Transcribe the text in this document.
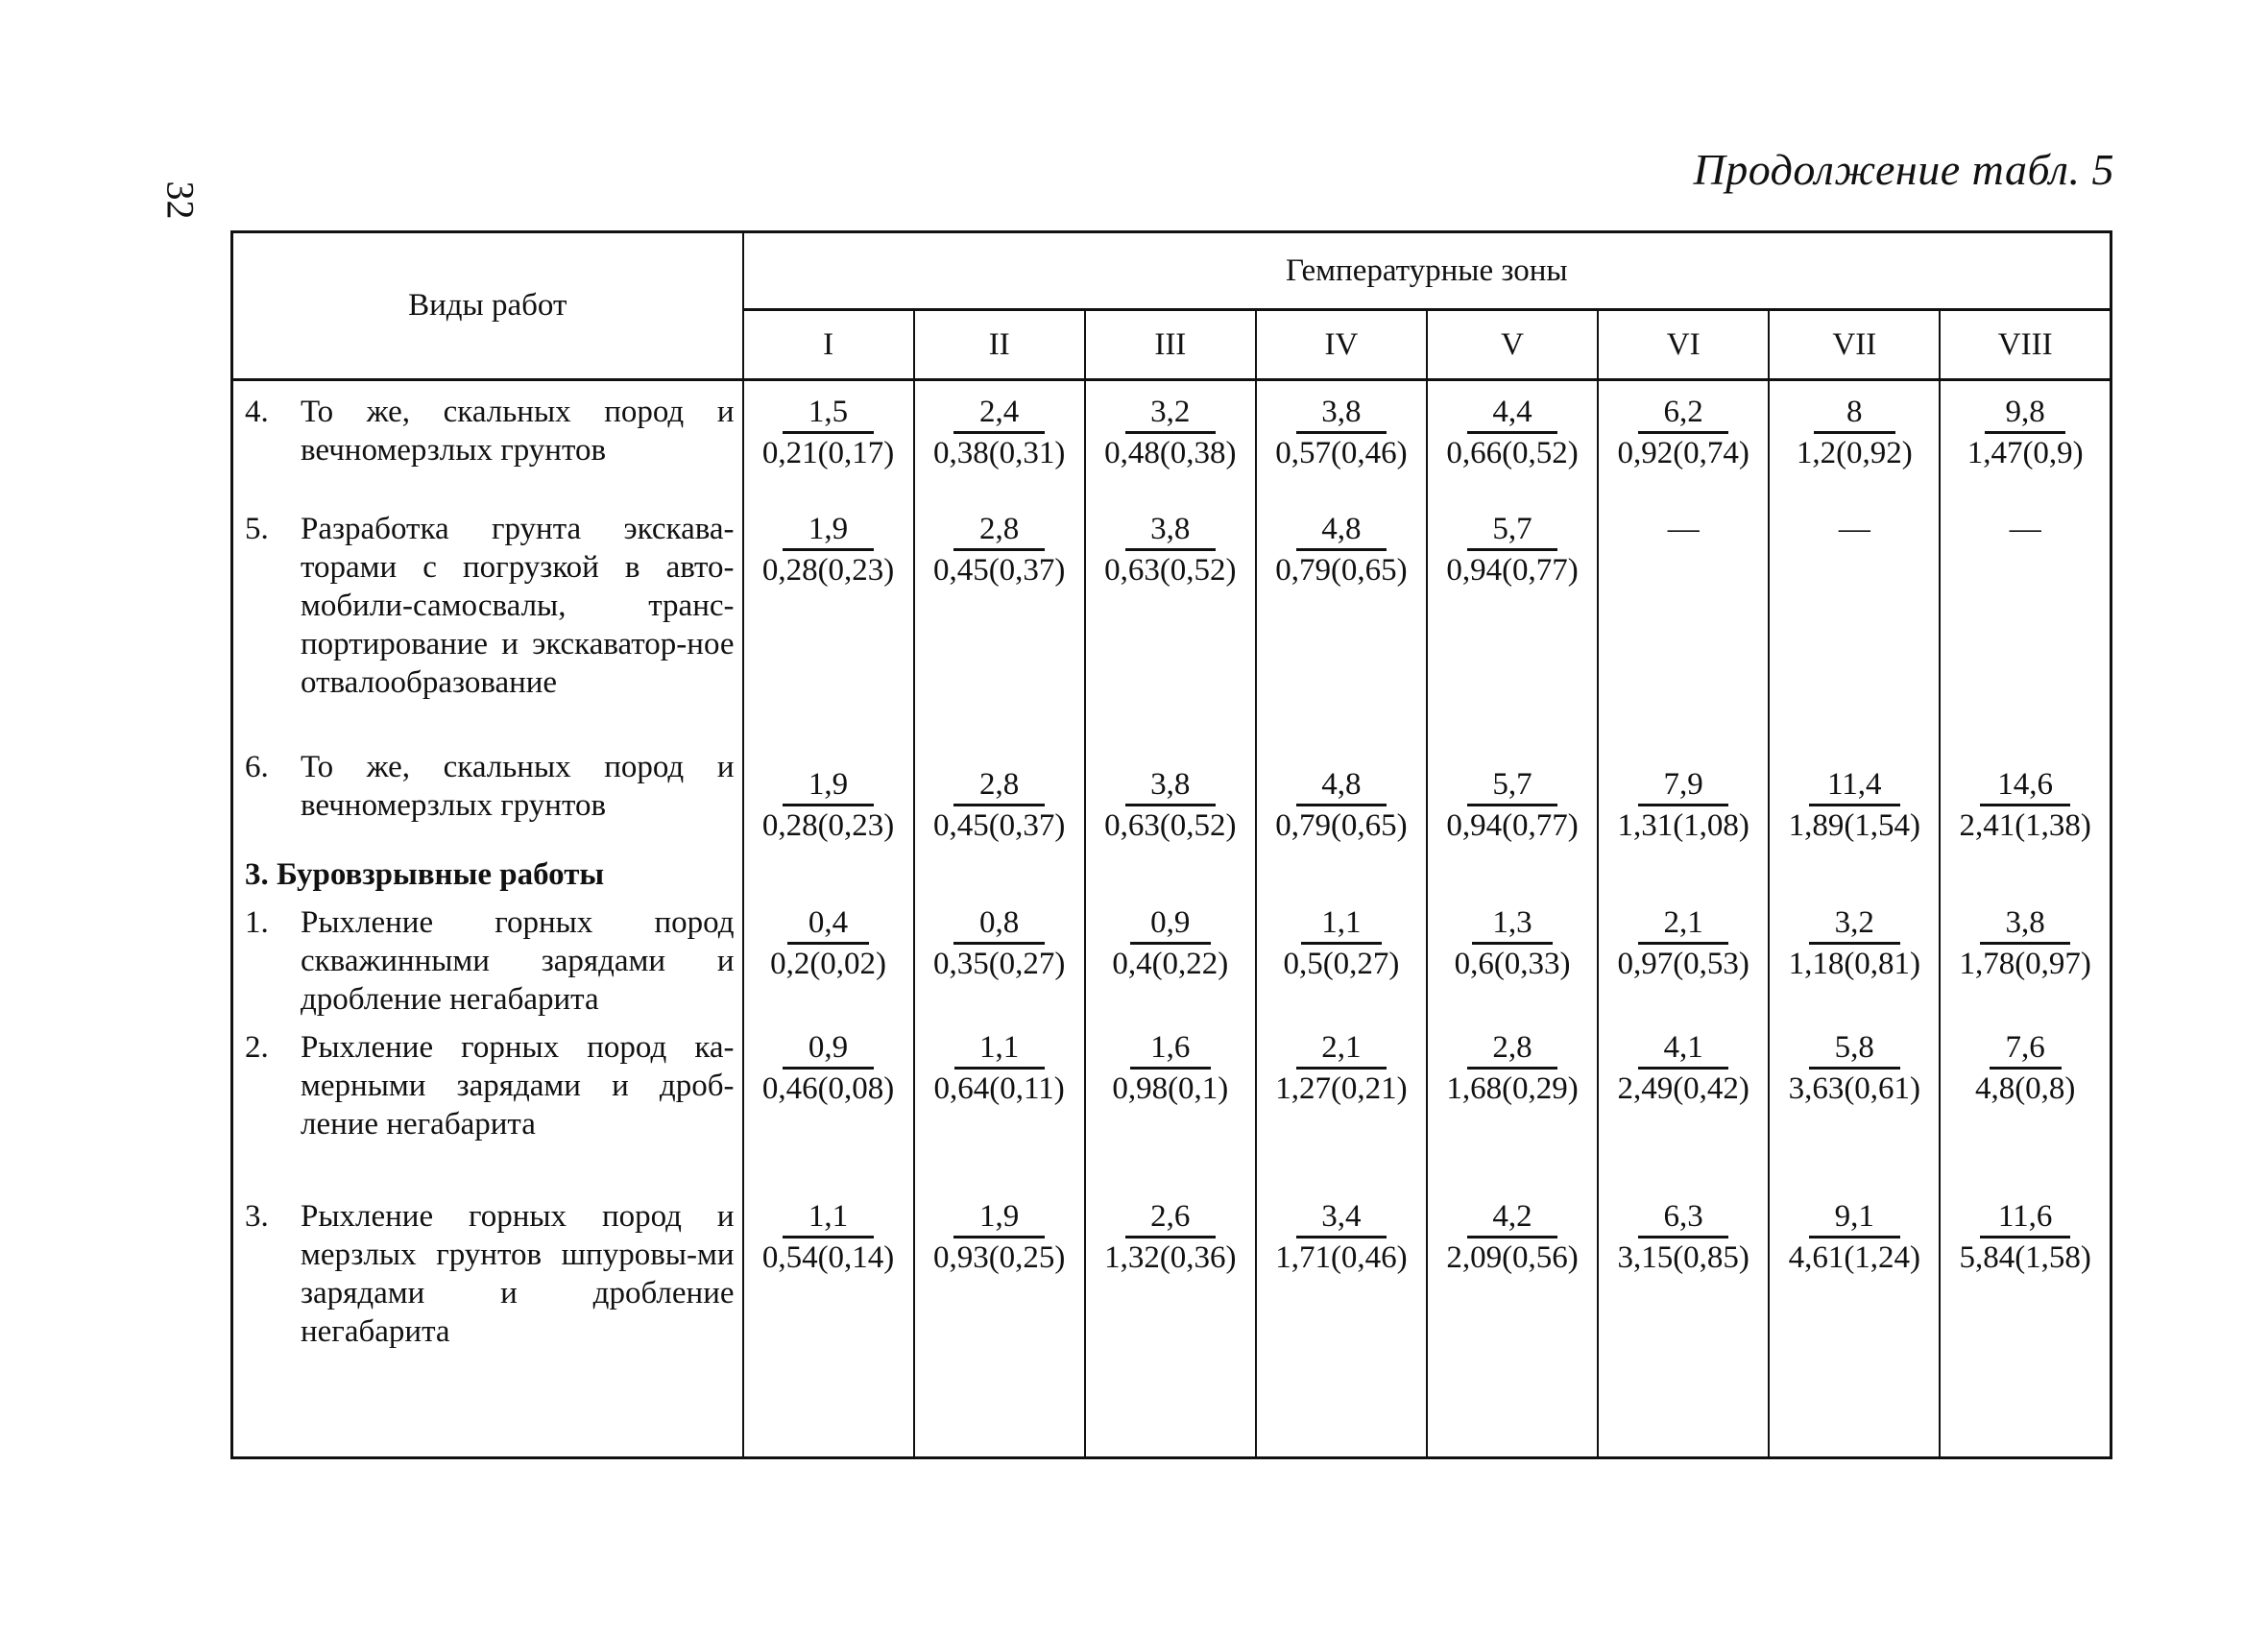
32
Продолжение табл. 5
Виды работ	Гемпературные зоны							
	I	II	III	IV	V	VI	VII	VIII

4. То же, скальных пород и вечномерзлых грунтов	$\frac{1,5}{0,21(0,17)}$	$\frac{2,4}{0,38(0,31)}$	$\frac{3,2}{0,48(0,38)}$	$\frac{3,8}{0,57(0,46)}$	$\frac{4,4}{0,66(0,52)}$	$\frac{6,2}{0,92(0,74)}$	$\frac{8}{1,2(0,92)}$	$\frac{9,8}{1,47(0,9)}$

5. Разработка грунта экскава-торами с погрузкой в авто-мобили-самосвалы, транс-портирование и экскаватор-ное отвалообразование	$\frac{1,9}{0,28(0,23)}$	$\frac{2,8}{0,45(0,37)}$	$\frac{3,8}{0,63(0,52)}$	$\frac{4,8}{0,79(0,65)}$	$\frac{5,7}{0,94(0,77)}$	—	—	—

6. То же, скальных пород и вечномерзлых грунтов	$\frac{1,9}{0,28(0,23)}$	$\frac{2,8}{0,45(0,37)}$	$\frac{3,8}{0,63(0,52)}$	$\frac{4,8}{0,79(0,65)}$	$\frac{5,7}{0,94(0,77)}$	$\frac{7,9}{1,31(1,08)}$	$\frac{11,4}{1,89(1,54)}$	$\frac{14,6}{2,41(1,38)}$

3. Буровзрывные работы								

1. Рыхление горных пород скважинными зарядами и дробление негабарита	$\frac{0,4}{0,2(0,02)}$	$\frac{0,8}{0,35(0,27)}$	$\frac{0,9}{0,4(0,22)}$	$\frac{1,1}{0,5(0,27)}$	$\frac{1,3}{0,6(0,33)}$	$\frac{2,1}{0,97(0,53)}$	$\frac{3,2}{1,18(0,81)}$	$\frac{3,8}{1,78(0,97)}$

2. Рыхление горных пород ка-мерными зарядами и дроб-ление негабарита	$\frac{0,9}{0,46(0,08)}$	$\frac{1,1}{0,64(0,11)}$	$\frac{1,6}{0,98(0,1)}$	$\frac{2,1}{1,27(0,21)}$	$\frac{2,8}{1,68(0,29)}$	$\frac{4,1}{2,49(0,42)}$	$\frac{5,8}{3,63(0,61)}$	$\frac{7,6}{4,8(0,8)}$

3. Рыхление горных пород и мерзлых грунтов шпуровы-ми зарядами и дробление негабарита	$\frac{1,1}{0,54(0,14)}$	$\frac{1,9}{0,93(0,25)}$	$\frac{2,6}{1,32(0,36)}$	$\frac{3,4}{1,71(0,46)}$	$\frac{4,2}{2,09(0,56)}$	$\frac{6,3}{3,15(0,85)}$	$\frac{9,1}{4,61(1,24)}$	$\frac{11,6}{5,84(1,58)}$
